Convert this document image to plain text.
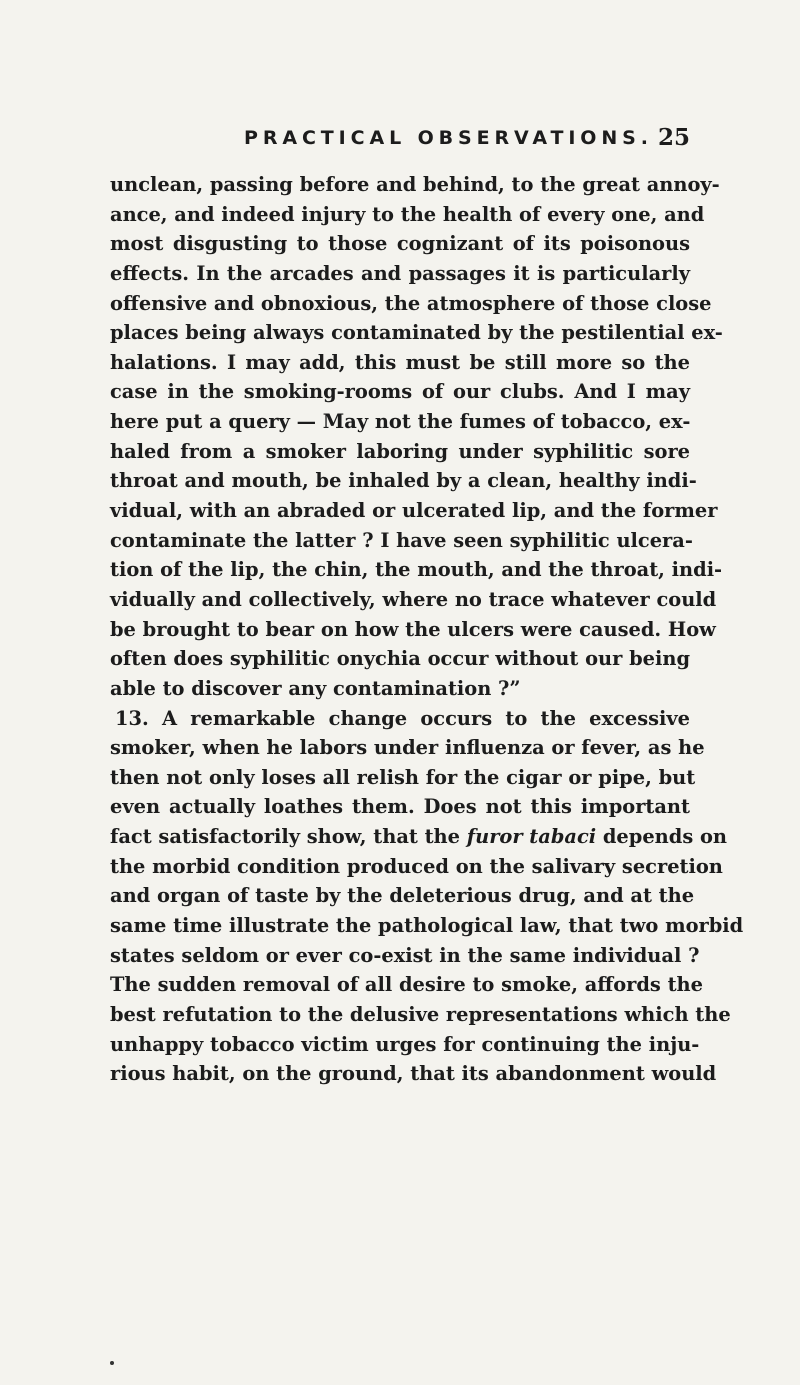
PRACTICAL OBSERVATIONS. 25
unclean, passing before and behind, to the great annoy-
ance, and indeed injury to the health of every one, and
most disgusting to those cognizant of its poisonous
effects. In the arcades and passages it is particularly
offensive and obnoxious, the atmosphere of those close
places being always contaminated by the pestilential ex-
halations. I may add, this must be still more so the
case in the smoking-rooms of our clubs. And I may
here put a query — May not the fumes of tobacco, ex-
haled from a smoker laboring under syphilitic sore
throat and mouth, be inhaled by a clean, healthy indi-
vidual, with an abraded or ulcerated lip, and the former
contaminate the latter ? I have seen syphilitic ulcera-
tion of the lip, the chin, the mouth, and the throat, indi-
vidually and collectively, where no trace whatever could
be brought to bear on how the ulcers were caused. How
often does syphilitic onychia occur without our being
able to discover any contamination ?”
13. A remarkable change occurs to the excessive
smoker, when he labors under influenza or fever, as he
then not only loses all relish for the cigar or pipe, but
even actually loathes them. Does not this important
fact satisfactorily show, that the furor tabaci depends on
the morbid condition produced on the salivary secretion
and organ of taste by the deleterious drug, and at the
same time illustrate the pathological law, that two morbid
states seldom or ever co-exist in the same individual ?
The sudden removal of all desire to smoke, affords the
best refutation to the delusive representations which the
unhappy tobacco victim urges for continuing the inju-
rious habit, on the ground, that its abandonment would
